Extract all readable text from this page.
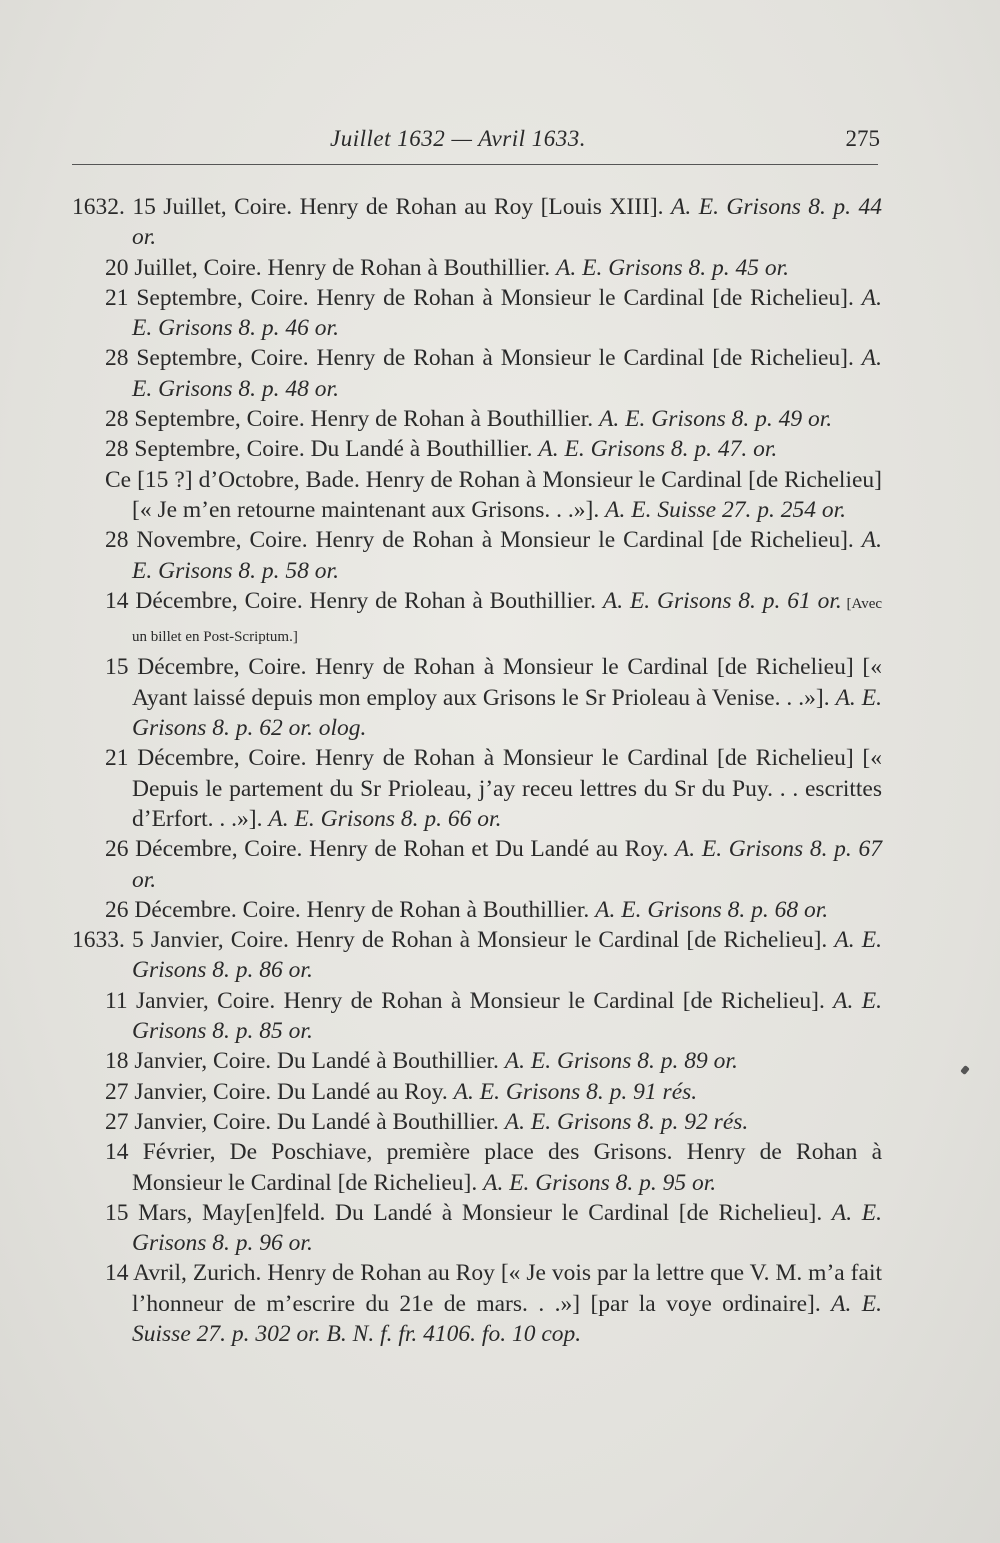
Juillet 1632 — Avril 1633.	275
1632. 15 Juillet, Coire. Henry de Rohan au Roy [Louis XIII]. A. E. Grisons 8. p. 44 or.
20 Juillet, Coire. Henry de Rohan à Bouthillier. A. E. Grisons 8. p. 45 or.
21 Septembre, Coire. Henry de Rohan à Monsieur le Cardinal [de Richelieu]. A. E. Grisons 8. p. 46 or.
28 Septembre, Coire. Henry de Rohan à Monsieur le Cardinal [de Richelieu]. A. E. Grisons 8. p. 48 or.
28 Septembre, Coire. Henry de Rohan à Bouthillier. A. E. Grisons 8. p. 49 or.
28 Septembre, Coire. Du Landé à Bouthillier. A. E. Grisons 8. p. 47. or.
Ce [15 ?] d’Octobre, Bade. Henry de Rohan à Monsieur le Cardinal [de Richelieu] [« Je m’en retourne maintenant aux Grisons. . .»]. A. E. Suisse 27. p. 254 or.
28 Novembre, Coire. Henry de Rohan à Monsieur le Cardinal [de Richelieu]. A. E. Grisons 8. p. 58 or.
14 Décembre, Coire. Henry de Rohan à Bouthillier. A. E. Grisons 8. p. 61 or. [Avec un billet en Post-Scriptum.]
15 Décembre, Coire. Henry de Rohan à Monsieur le Cardinal [de Richelieu] [« Ayant laissé depuis mon employ aux Grisons le Sr Prioleau à Venise. . .»]. A. E. Grisons 8. p. 62 or. olog.
21 Décembre, Coire. Henry de Rohan à Monsieur le Cardinal [de Richelieu] [« Depuis le partement du Sr Prioleau, j’ay receu lettres du Sr du Puy. . . escrittes d’Erfort. . .»]. A. E. Grisons 8. p. 66 or.
26 Décembre, Coire. Henry de Rohan et Du Landé au Roy. A. E. Grisons 8. p. 67 or.
26 Décembre. Coire. Henry de Rohan à Bouthillier. A. E. Grisons 8. p. 68 or.
1633. 5 Janvier, Coire. Henry de Rohan à Monsieur le Cardinal [de Richelieu]. A. E. Grisons 8. p. 86 or.
11 Janvier, Coire. Henry de Rohan à Monsieur le Cardinal [de Richelieu]. A. E. Grisons 8. p. 85 or.
18 Janvier, Coire. Du Landé à Bouthillier. A. E. Grisons 8. p. 89 or.
27 Janvier, Coire. Du Landé au Roy. A. E. Grisons 8. p. 91 rés.
27 Janvier, Coire. Du Landé à Bouthillier. A. E. Grisons 8. p. 92 rés.
14 Février, De Poschiave, première place des Grisons. Henry de Rohan à Monsieur le Cardinal [de Richelieu]. A. E. Grisons 8. p. 95 or.
15 Mars, May[en]feld. Du Landé à Monsieur le Cardinal [de Richelieu]. A. E. Grisons 8. p. 96 or.
14 Avril, Zurich. Henry de Rohan au Roy [« Je vois par la lettre que V. M. m’a fait l’honneur de m’escrire du 21e de mars. . .»] [par la voye ordinaire]. A. E. Suisse 27. p. 302 or. B. N. f. fr. 4106. fo. 10 cop.
